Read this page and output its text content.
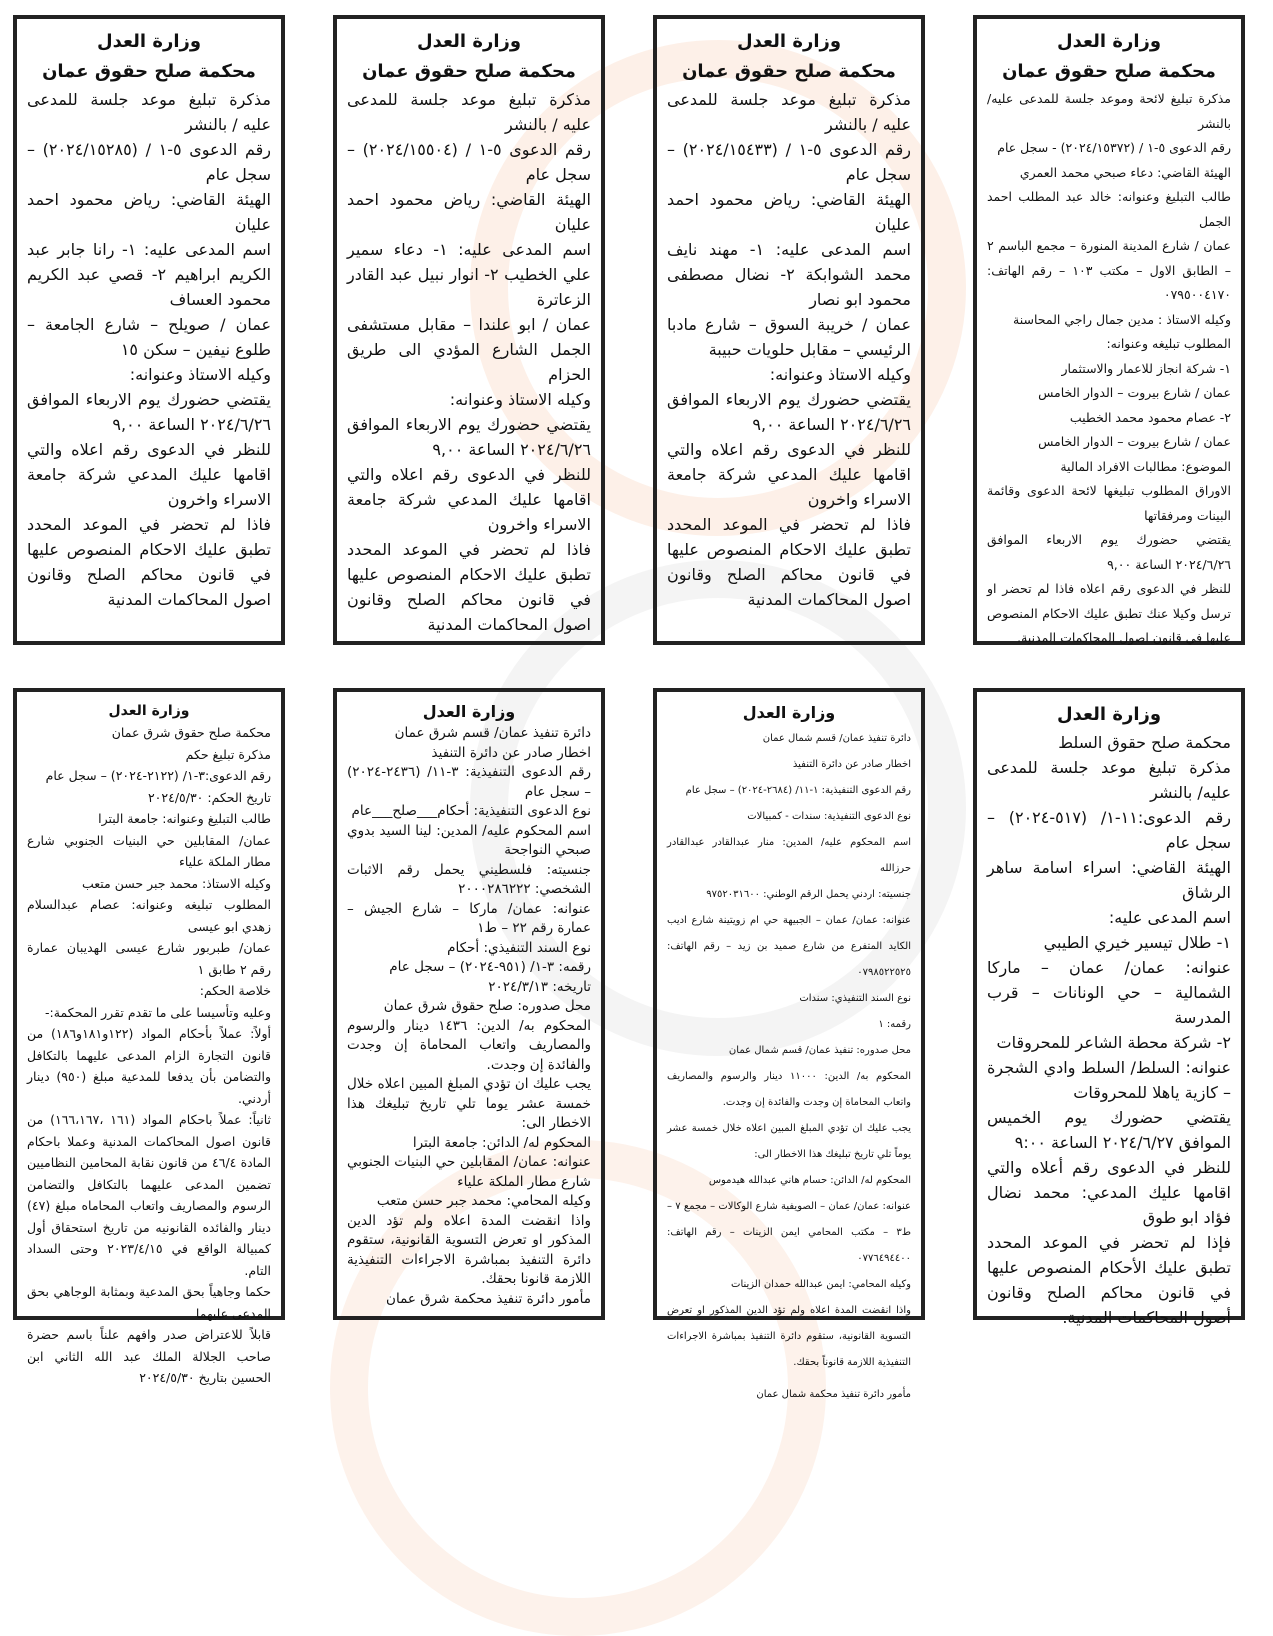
وزارة العدل
محكمة صلح حقوق عمان

مذكرة تبليغ لائحة وموعد جلسة للمدعى عليه/ بالنشر

رقم الدعوى ٥-١ / (٢٠٢٤/١٥٣٧٢) - سجل عام

الهيئة القاضي: دعاء صبحي محمد العمري

طالب التبليغ وعنوانه: خالد عبد المطلب احمد الجمل

عمان / شارع المدينة المنورة – مجمع الباسم ٢ – الطابق الاول – مكتب ١٠٣ – رقم الهاتف: ٠٧٩٥٠٠٤١٧٠

وكيله الاستاذ : مدين جمال راجي المحاسنة

المطلوب تبليغه وعنوانه:

١- شركة انجاز للاعمار والاستثمار

عمان / شارع بيروت – الدوار الخامس

٢- عصام محمود محمد الخطيب

عمان / شارع بيروت – الدوار الخامس

الموضوع: مطالبات الافراد المالية

الاوراق المطلوب تبليغها لائحة الدعوى وقائمة البينات ومرفقاتها

يقتضي حضورك يوم الاربعاء الموافق ٢٠٢٤/٦/٢٦ الساعة ٩,٠٠

للنظر في الدعوى رقم اعلاه فاذا لم تحضر او ترسل وكيلا عنك تطبق عليك الاحكام المنصوص عليها في قانون اصول المحاكمات المدنية.

وزارة العدل
محكمة صلح حقوق عمان

مذكرة تبليغ موعد جلسة للمدعى عليه / بالنشر

رقم الدعوى ٥-١ / (٢٠٢٤/١٥٤٣٣) – سجل عام

الهيئة القاضي: رياض محمود احمد عليان

اسم المدعى عليه: ١- مهند نايف محمد الشوابكة ٢- نضال مصطفى محمود ابو نصار

عمان / خريبة السوق – شارع مادبا الرئيسي – مقابل حلويات حبيبة

وكيله الاستاذ وعنوانه:

يقتضي حضورك يوم الاربعاء الموافق ٢٠٢٤/٦/٢٦ الساعة ٩,٠٠

للنظر في الدعوى رقم اعلاه والتي اقامها عليك المدعي شركة جامعة الاسراء واخرون

فاذا لم تحضر في الموعد المحدد تطبق عليك الاحكام المنصوص عليها في قانون محاكم الصلح وقانون اصول المحاكمات المدنية

وزارة العدل
محكمة صلح حقوق عمان

مذكرة تبليغ موعد جلسة للمدعى عليه / بالنشر

رقم الدعوى ٥-١ / (٢٠٢٤/١٥٥٠٤) – سجل عام

الهيئة القاضي: رياض محمود احمد عليان

اسم المدعى عليه: ١- دعاء سمير علي الخطيب ٢- انوار نبيل عبد القادر الزعاترة

عمان / ابو علندا – مقابل مستشفى الجمل الشارع المؤدي الى طريق الحزام

وكيله الاستاذ وعنوانه:

يقتضي حضورك يوم الاربعاء الموافق ٢٠٢٤/٦/٢٦ الساعة ٩,٠٠

للنظر في الدعوى رقم اعلاه والتي اقامها عليك المدعي شركة جامعة الاسراء واخرون

فاذا لم تحضر في الموعد المحدد تطبق عليك الاحكام المنصوص عليها في قانون محاكم الصلح وقانون اصول المحاكمات المدنية

وزارة العدل
محكمة صلح حقوق عمان

مذكرة تبليغ موعد جلسة للمدعى عليه / بالنشر

رقم الدعوى ٥-١ / (٢٠٢٤/١٥٢٨٥) – سجل عام

الهيئة القاضي: رياض محمود احمد عليان

اسم المدعى عليه: ١- رانا جابر عبد الكريم ابراهيم ٢- قصي عبد الكريم محمود العساف

عمان / صويلح – شارع الجامعة – طلوع نيفين – سكن ١٥

وكيله الاستاذ وعنوانه:

يقتضي حضورك يوم الاربعاء الموافق ٢٠٢٤/٦/٢٦ الساعة ٩,٠٠

للنظر في الدعوى رقم اعلاه والتي اقامها عليك المدعي شركة جامعة الاسراء واخرون

فاذا لم تحضر في الموعد المحدد تطبق عليك الاحكام المنصوص عليها في قانون محاكم الصلح وقانون اصول المحاكمات المدنية

وزارة العدل

محكمة صلح حقوق السلط

مذكرة تبليغ موعد جلسة للمدعى عليه/ بالنشر

رقم الدعوى:١١-١/ (٥١٧-٢٠٢٤) – سجل عام

الهيئة القاضي: اسراء اسامة ساهر الرشاق

اسم المدعى عليه:

١- طلال تيسير خيري الطيبي

عنوانه: عمان/ عمان – ماركا الشمالية – حي الونانات – قرب المدرسة

٢- شركة محطة الشاعر للمحروقات

عنوانه: السلط/ السلط وادي الشجرة – كازية ياهلا للمحروقات

يقتضي حضورك يوم الخميس الموافق ٢٠٢٤/٦/٢٧ الساعة ٩:٠٠

للنظر في الدعوى رقم أعلاه والتي اقامها عليك المدعي: محمد نضال فؤاد ابو طوق

فإذا لم تحضر في الموعد المحدد تطبق عليك الأحكام المنصوص عليها في قانون محاكم الصلح وقانون أصول المحاكمات المدنية.

وزارة العدل

دائرة تنفيذ عمان/ قسم شمال عمان

اخطار صادر عن دائرة التنفيذ

رقم الدعوى التنفيذية: ١-١١/ (٢٦٨٤-٢٠٢٤) – سجل عام

نوع الدعوى التنفيذية: سندات - كمبيالات

اسم المحكوم عليه/ المدين: منار عبدالقادر عبدالقادر حرزالله

جنسيته: اردني يحمل الرقم الوطني: ٩٧٥٢٠٣١٦٠٠

عنوانه: عمان/ عمان – الجبيهة حي ام زويتينة شارع اديب الكايد المتفرع من شارع صميد بن زيد – رقم الهاتف: ٠٧٩٨٥٢٢٥٢٥

نوع السند التنفيذي: سندات

رقمه: ١

محل صدوره: تنفيذ عمان/ قسم شمال عمان

المحكوم به/ الدين: ١١٠٠٠ دينار والرسوم والمصاريف واتعاب المحاماة إن وجدت والفائدة إن وجدت.

يجب عليك ان تؤدي المبلغ المبين اعلاه خلال خمسة عشر يوماً تلي تاريخ تبليغك هذا الاخطار الى:

المحكوم له/ الدائن: حسام هاني عبدالله هيدموس

عنوانه: عمان/ عمان – الصويفية شارع الوكالات – مجمع ٧ – ط٣ – مكتب المحامي ايمن الزينات – رقم الهاتف: ٠٧٧٦٤٩٤٤٠٠

وكيله المحامي: ايمن عبدالله حمدان الزينات

واذا انقضت المدة اعلاه ولم تؤد الدين المذكور او تعرض التسوية القانونية، ستقوم دائرة التنفيذ بمباشرة الاجراءات التنفيذية اللازمة قانوناً بحقك.

مأمور دائرة تنفيذ محكمة شمال عمان

وزارة العدل

دائرة تنفيذ عمان/ قسم شرق عمان

اخطار صادر عن دائرة التنفيذ

رقم الدعوى التنفيذية: ٣-١١/ (٢٤٣٦-٢٠٢٤) – سجل عام

نوع الدعوى التنفيذية: أحكام___صلح___عام

اسم المحكوم عليه/ المدين: لينا السيد بدوي صبحي النواجحة

جنسيته: فلسطيني يحمل رقم الاثبات الشخصي: ٢٠٠٠٢٨٦٢٢٢

عنوانه: عمان/ ماركا – شارع الجيش – عمارة رقم ٢٢ – ط١

نوع السند التنفيذي: أحكام

رقمه: ٣-١/ (٩٥١-٢٠٢٤) – سجل عام

تاريخه: ٢٠٢٤/٣/١٣

محل صدوره: صلح حقوق شرق عمان

المحكوم به/ الدين: ١٤٣٦ دينار والرسوم والمصاريف واتعاب المحاماة إن وجدت والفائدة إن وجدت.

يجب عليك ان تؤدي المبلغ المبين اعلاه خلال خمسة عشر يوما تلي تاريخ تبليغك هذا الاخطار الى:

المحكوم له/ الدائن: جامعة البترا

عنوانه: عمان/ المقابلين حي البنيات الجنوبي شارع مطار الملكة علياء

وكيله المحامي: محمد جبر حسن متعب

واذا انقضت المدة اعلاه ولم تؤد الدين المذكور او تعرض التسوية القانونية، ستقوم دائرة التنفيذ بمباشرة الاجراءات التنفيذية اللازمة قانونا بحقك.

مأمور دائرة تنفيذ محكمة شرق عمان

وزارة العدل

محكمة صلح حقوق شرق عمان

مذكرة تبليغ حكم

رقم الدعوى:٣-١/ (٢١٢٢-٢٠٢٤) – سجل عام

تاريخ الحكم: ٢٠٢٤/٥/٣٠

طالب التبليغ وعنوانه: جامعة البترا

عمان/ المقابلين حي البنيات الجنوبي شارع مطار الملكة علياء

وكيله الاستاذ: محمد جبر حسن متعب

المطلوب تبليغه وعنوانه: عصام عبدالسلام زهدي ابو عيسى

عمان/ طبربور شارع عيسى الهديبان عمارة رقم ٢ طابق ١

خلاصة الحكم:

وعليه وتأسيسا على ما تقدم تقرر المحكمة:-

أولاً: عملاً بأحكام المواد (١٢٢و١٨١و١٨٦) من قانون التجارة الزام المدعى عليهما بالتكافل والتضامن بأن يدفعا للمدعية مبلغ (٩٥٠) دينار أردني.

ثانياً: عملاً باحكام المواد (١٦١ ،١٦٦،١٦٧) من قانون اصول المحاكمات المدنية وعملا باحكام المادة ٤٦/٤ من قانون نقابة المحامين النظاميين تضمين المدعى عليهما بالتكافل والتضامن الرسوم والمصاريف واتعاب المحاماه مبلغ (٤٧) دينار والفائده القانونيه من تاريخ استحقاق أول كمبيالة الواقع في ٢٠٢٣/٤/١٥ وحتى السداد التام.

حكما وجاهياً بحق المدعية وبمثابة الوجاهي بحق المدعى عليهما

قابلاً للاعتراض صدر وافهم علناً باسم حضرة صاحب الجلالة الملك عبد الله الثاني ابن الحسين بتاريخ ٢٠٢٤/٥/٣٠
